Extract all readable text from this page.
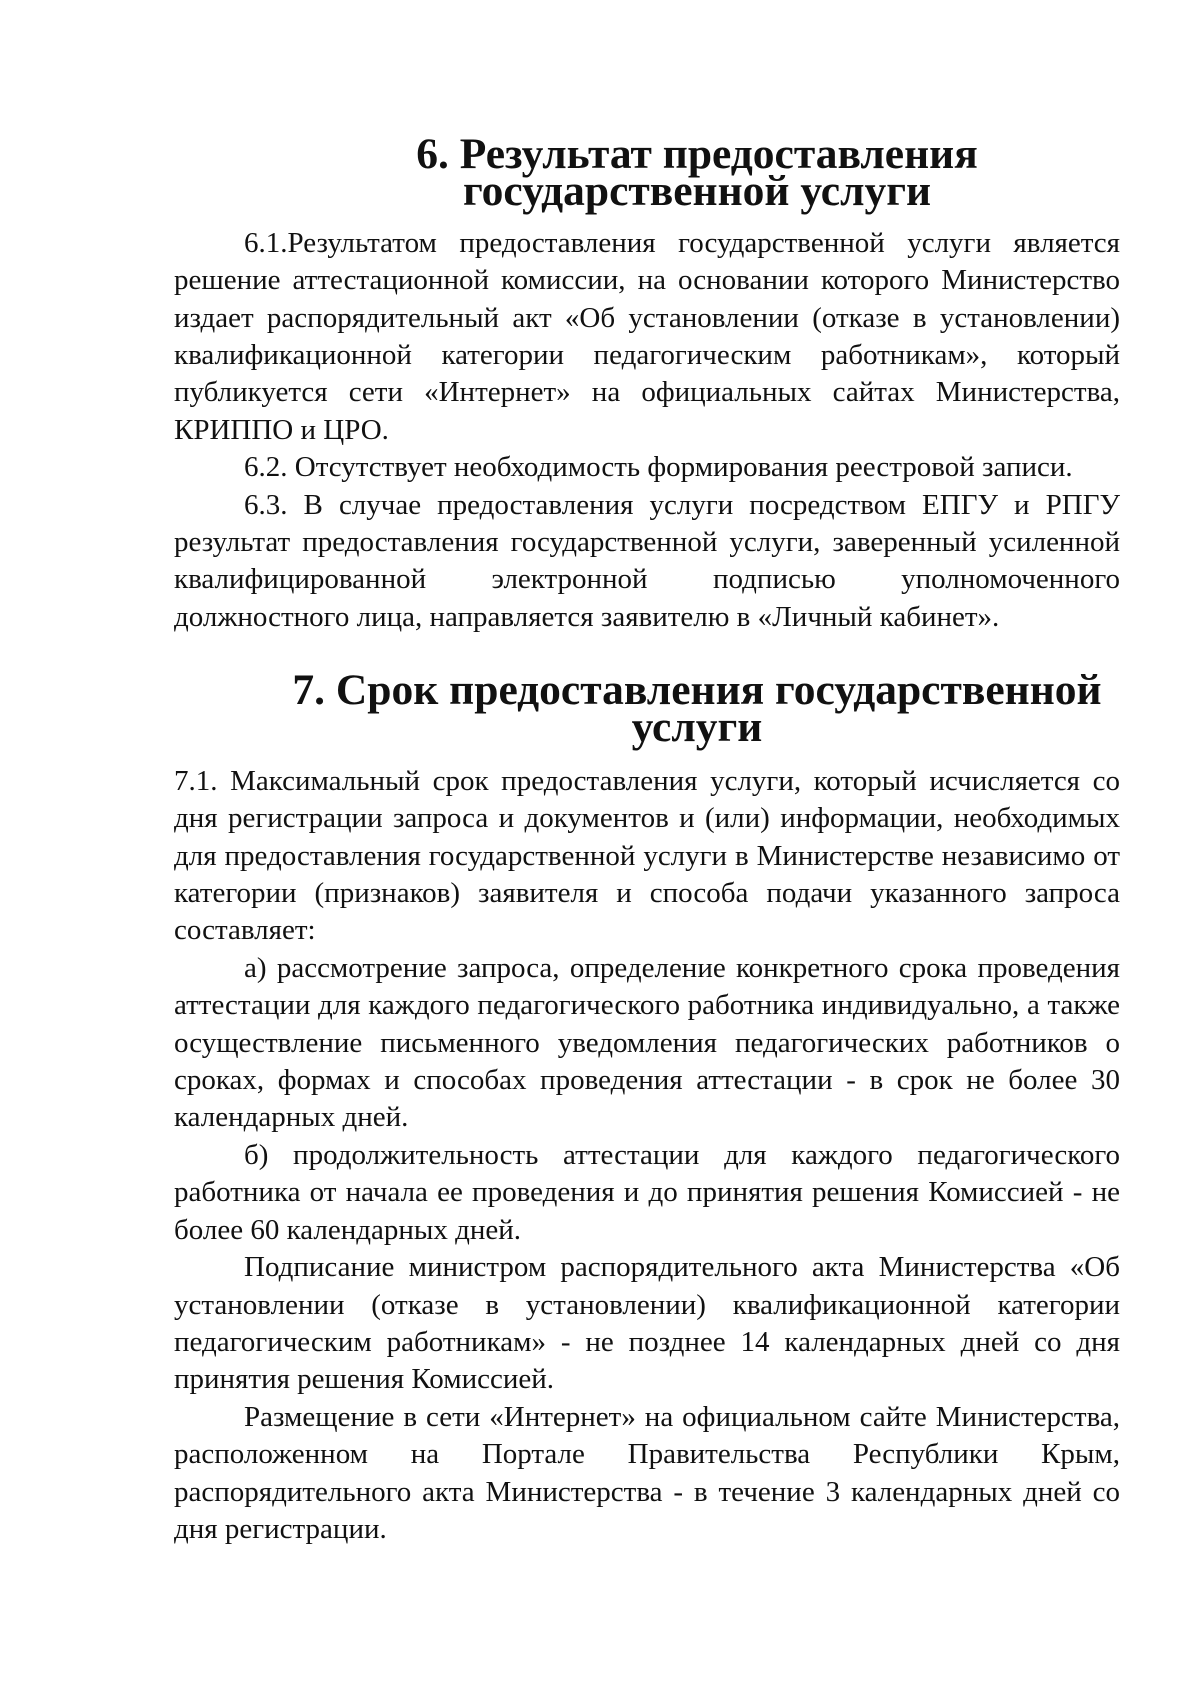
6. Результат предоставления государственной услуги

6.1.Результатом предоставления государственной услуги является решение аттестационной комиссии, на основании которого Министерство издает распорядительный акт «Об установлении (отказе в установлении) квалификационной категории педагогическим работникам», который публикуется сети «Интернет» на официальных сайтах Министерства, КРИППО и ЦРО.

6.2. Отсутствует необходимость формирования реестровой записи.

6.3. В случае предоставления услуги посредством ЕПГУ и РПГУ результат предоставления государственной услуги, заверенный усиленной квалифицированной электронной подписью уполномоченного должностного лица, направляется заявителю в «Личный кабинет».

7. Срок предоставления государственной услуги

7.1. Максимальный срок предоставления услуги, который исчисляется со дня регистрации запроса и документов и (или) информации, необходимых для предоставления государственной услуги в Министерстве независимо от категории (признаков) заявителя и способа подачи указанного запроса составляет:

а) рассмотрение запроса, определение конкретного срока проведения аттестации для каждого педагогического работника индивидуально, а также осуществление письменного уведомления педагогических работников о сроках, формах и способах проведения аттестации - в срок не более 30 календарных дней.

б) продолжительность аттестации для каждого педагогического работника от начала ее проведения и до принятия решения Комиссией - не более 60 календарных дней.

Подписание министром распорядительного акта Министерства «Об установлении (отказе в установлении) квалификационной категории педагогическим работникам» - не позднее 14 календарных дней со дня принятия решения Комиссией.

Размещение в сети «Интернет» на официальном сайте Министерства, расположенном на Портале Правительства Республики Крым, распорядительного акта Министерства - в течение 3 календарных дней со дня регистрации.
